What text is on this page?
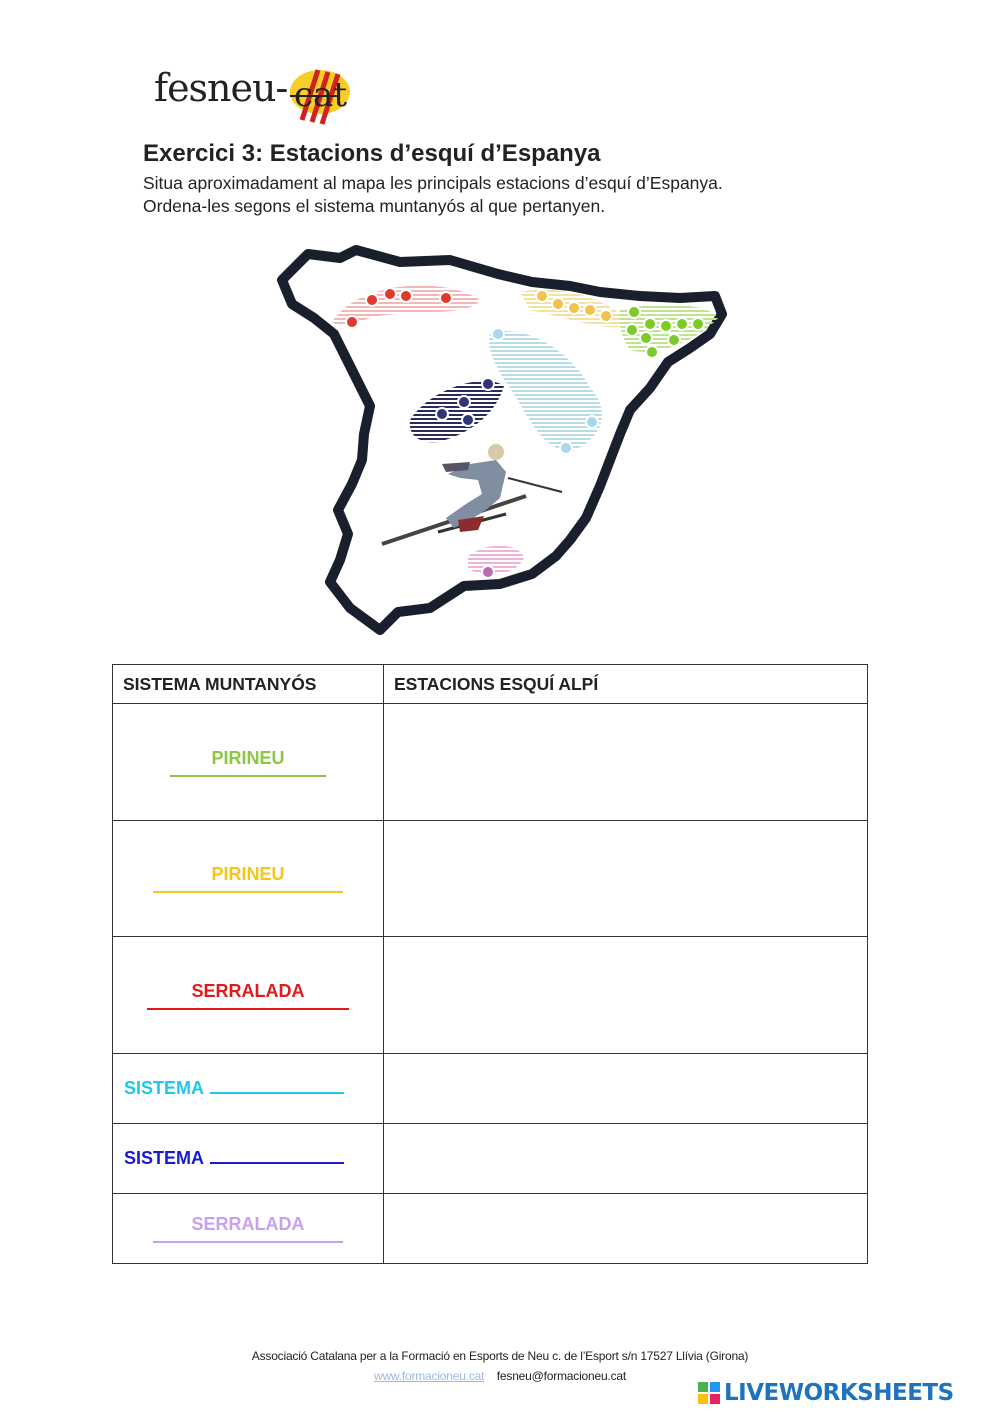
fesneu- cat
Exercici 3: Estacions d’esquí d’Espanya
Situa aproximadament al mapa les principals estacions d’esquí d’Espanya.
Ordena-les segons el sistema muntanyós al que pertanyen.
SISTEMA MUNTANYÓS	ESTACIONS ESQUÍ ALPÍ

PIRINEU	

PIRINEU	

SERRALADA	

SISTEMA	

SISTEMA	

SERRALADA	

Associació Catalana per a la Formació en Esports de Neu c. de l’Esport s/n 17527 Llívia (Girona)
www.formacioneu.cat fesneu@formacioneu.cat
LIVEWORKSHEETS
